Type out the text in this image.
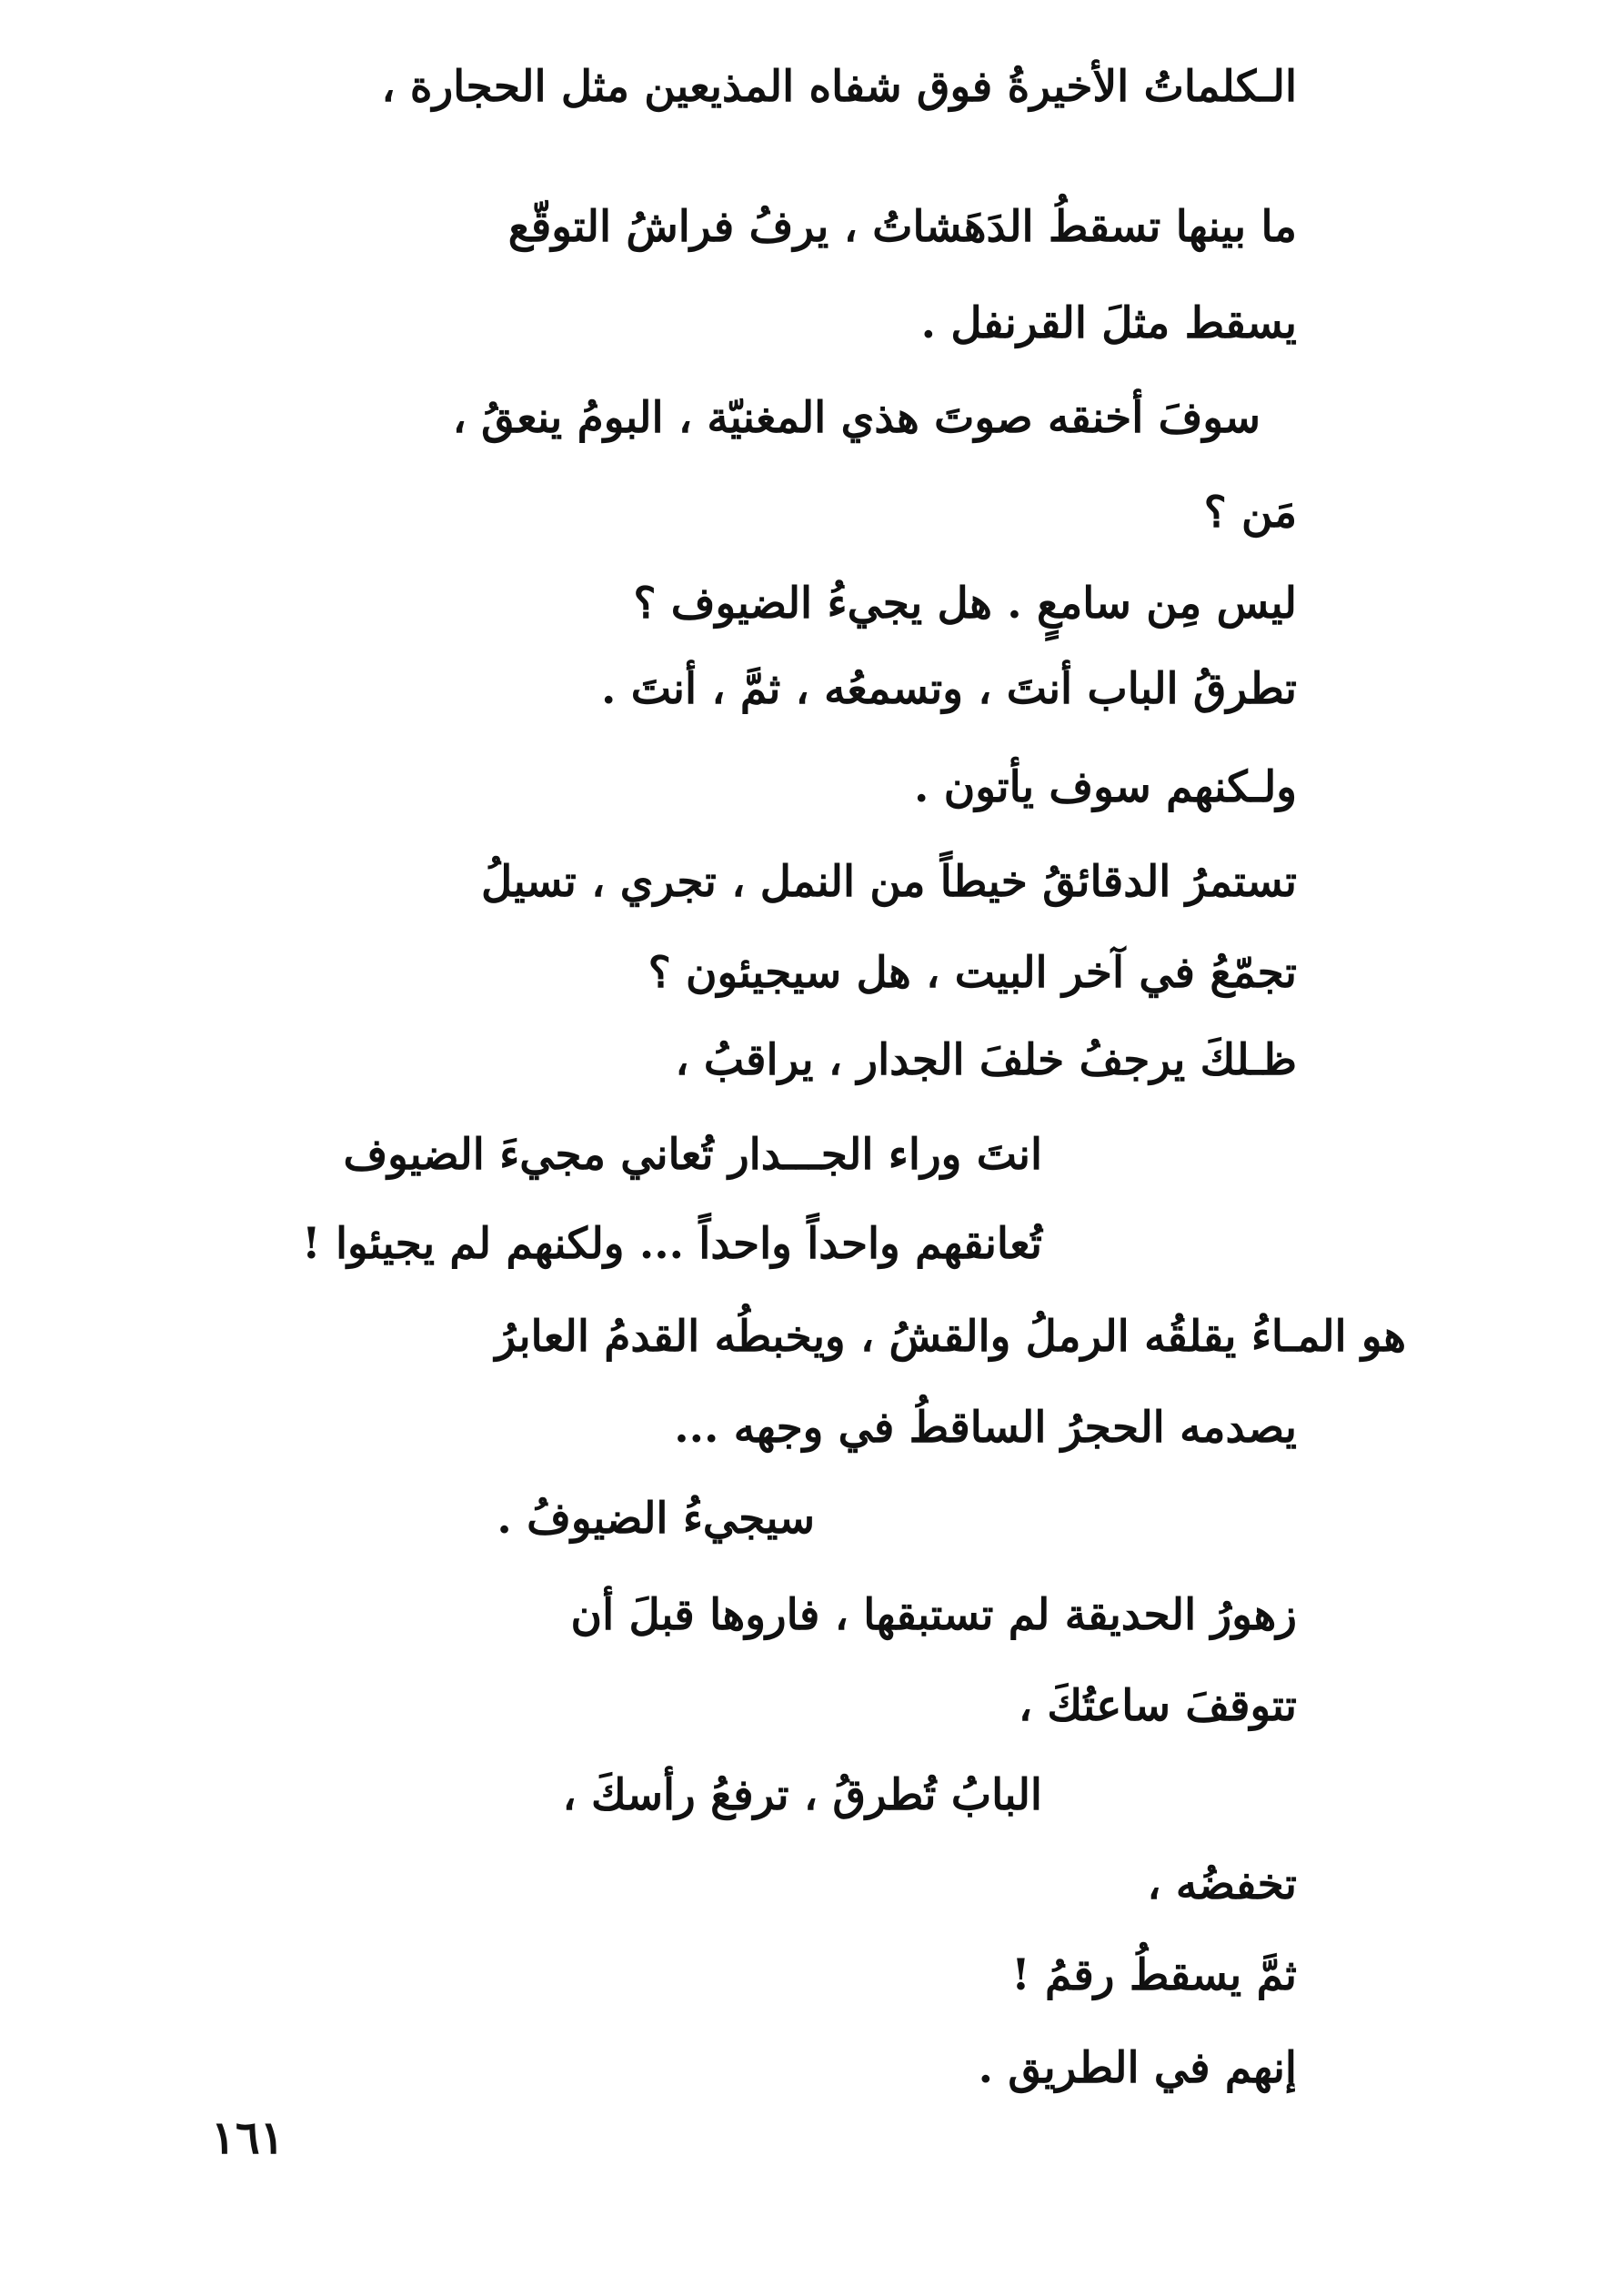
الـكلماتُ الأخيرةُ فوق شفاه المذيعين مثل الحجارة ،
ما بينها تسقطُ الدَهَشاتُ ، يرفُ فراشُ التوقّع
يسقط مثلَ القرنفل .
سوفَ أخنقه صوتَ هذي المغنيّة ، البومُ ينعقُ ،
مَن ؟
ليس مِن سامعٍ . هل يجيءُ الضيوف ؟
تطرقُ الباب أنتَ ، وتسمعُه ، ثمَّ ، أنتَ .
ولـكنهم سوف يأتون .
تستمرُ الدقائقُ خيطاً من النمل ، تجري ، تسيلُ
تجمّعُ في آخر البيت ، هل سيجيئون ؟
ظـلكَ يرجفُ خلفَ الجدار ، يراقبُ ،
انتَ وراء الجـــدار تُعاني مجيءَ الضيوف
تُعانقهم واحداً واحداً ... ولكنهم لم يجيئوا !
هو المـاءُ يقلقُه الرملُ والقشُ ، ويخبطُه القدمُ العابرُ
يصدمه الحجرُ الساقطُ في وجهه ...
سيجيءُ الضيوفُ .
زهورُ الحديقة لم تستبقها ، فاروها قبلَ أن
تتوقفَ ساعتُكَ ،
البابُ تُطرقُ ، ترفعُ رأسكَ ،
تخفضُه ،
ثمَّ يسقطُ رقمُ !
إنهم في الطريق .
١٦١
